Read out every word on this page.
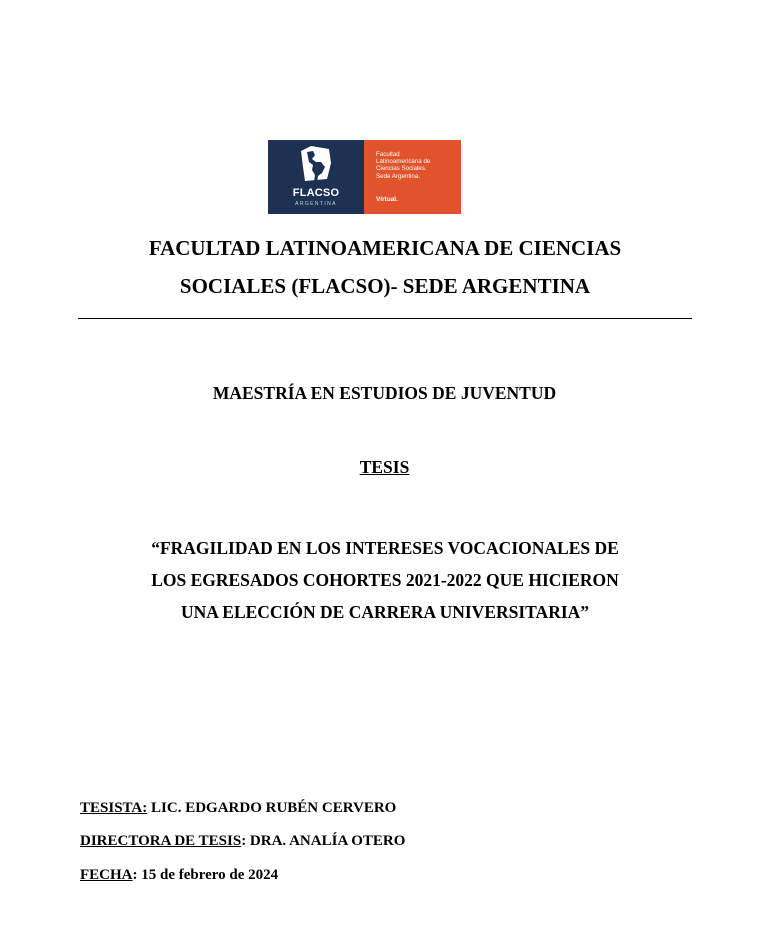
FLACSO
ARGENTINA
Facultad
Latinoamericana de
Ciencias Sociales.
Sede Argentina.
Virtual.
FACULTAD LATINOAMERICANA DE CIENCIAS
SOCIALES (FLACSO)- SEDE ARGENTINA
MAESTRÍA EN ESTUDIOS DE JUVENTUD
TESIS
“FRAGILIDAD EN LOS INTERESES VOCACIONALES DE
LOS EGRESADOS COHORTES 2021-2022 QUE HICIERON
UNA ELECCIÓN DE CARRERA UNIVERSITARIA”
TESISTA: LIC. EDGARDO RUBÉN CERVERO
DIRECTORA DE TESIS: DRA. ANALÍA OTERO
FECHA: 15 de febrero de 2024
